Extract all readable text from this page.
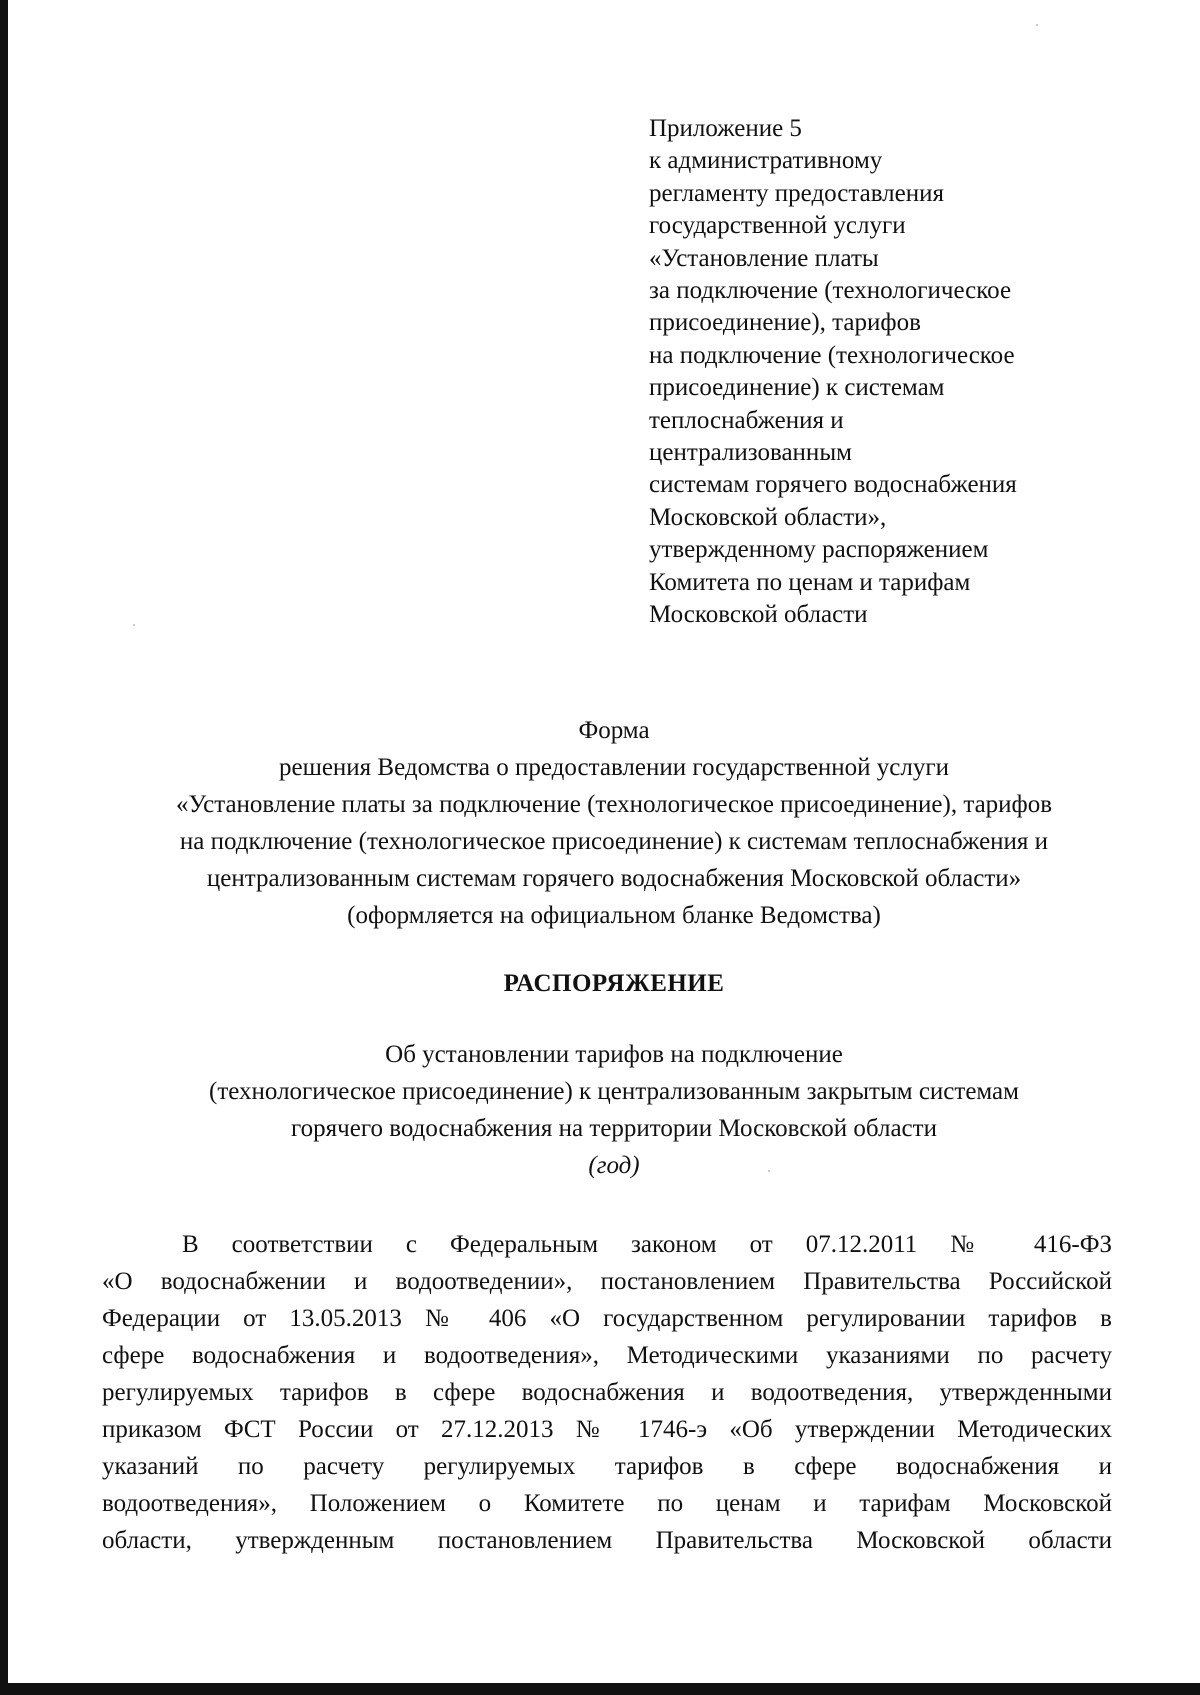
Приложение 5
к административному
регламенту предоставления
государственной услуги
«Установление платы
за подключение (технологическое
присоединение), тарифов
на подключение (технологическое
присоединение) к системам
теплоснабжения и
централизованным
системам горячего водоснабжения
Московской области»,
утвержденному распоряжением
Комитета по ценам и тарифам
Московской области
Форма
решения Ведомства о предоставлении государственной услуги
«Установление платы за подключение (технологическое присоединение), тарифов
на подключение (технологическое присоединение) к системам теплоснабжения и
централизованным системам горячего водоснабжения Московской области»
(оформляется на официальном бланке Ведомства)
РАСПОРЯЖЕНИЕ
Об установлении тарифов на подключение
(технологическое присоединение) к централизованным закрытым системам
горячего водоснабжения на территории Московской области
(год)
В соответствии с Федеральным законом от 07.12.2011 № 416-ФЗ
«О водоснабжении и водоотведении», постановлением Правительства Российской
Федерации от 13.05.2013 № 406 «О государственном регулировании тарифов в
сфере водоснабжения и водоотведения», Методическими указаниями по расчету
регулируемых тарифов в сфере водоснабжения и водоотведения, утвержденными
приказом ФСТ России от 27.12.2013 № 1746-э «Об утверждении Методических
указаний по расчету регулируемых тарифов в сфере водоснабжения и
водоотведения», Положением о Комитете по ценам и тарифам Московской
области, утвержденным постановлением Правительства Московской области
